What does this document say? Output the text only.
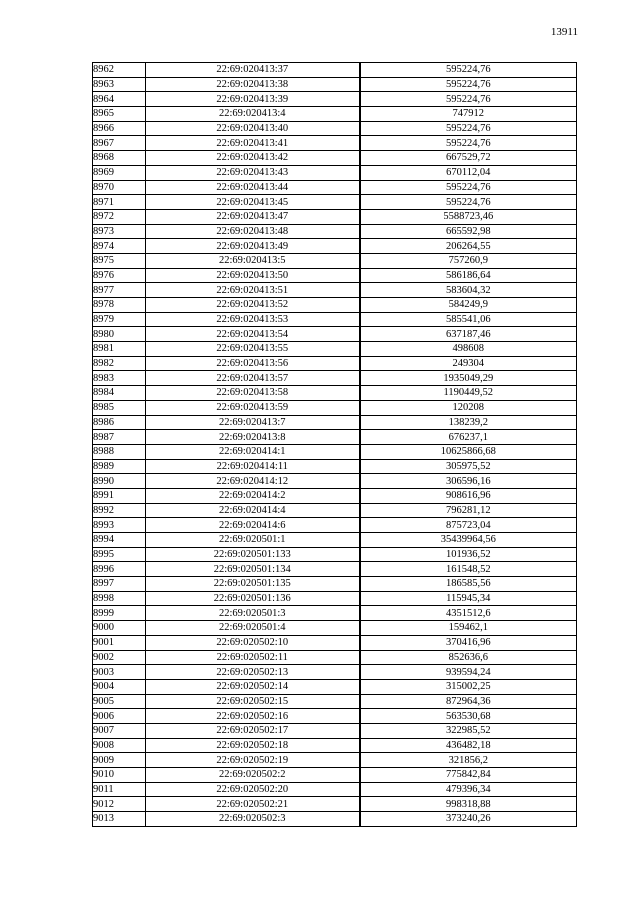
13911
8962	22:69:020413:37	595224,76
8963	22:69:020413:38	595224,76
8964	22:69:020413:39	595224,76
8965	22:69:020413:4	747912
8966	22:69:020413:40	595224,76
8967	22:69:020413:41	595224,76
8968	22:69:020413:42	667529,72
8969	22:69:020413:43	670112,04
8970	22:69:020413:44	595224,76
8971	22:69:020413:45	595224,76
8972	22:69:020413:47	5588723,46
8973	22:69:020413:48	665592,98
8974	22:69:020413:49	206264,55
8975	22:69:020413:5	757260,9
8976	22:69:020413:50	586186,64
8977	22:69:020413:51	583604,32
8978	22:69:020413:52	584249,9
8979	22:69:020413:53	585541,06
8980	22:69:020413:54	637187,46
8981	22:69:020413:55	498608
8982	22:69:020413:56	249304
8983	22:69:020413:57	1935049,29
8984	22:69:020413:58	1190449,52
8985	22:69:020413:59	120208
8986	22:69:020413:7	138239,2
8987	22:69:020413:8	676237,1
8988	22:69:020414:1	10625866,68
8989	22:69:020414:11	305975,52
8990	22:69:020414:12	306596,16
8991	22:69:020414:2	908616,96
8992	22:69:020414:4	796281,12
8993	22:69:020414:6	875723,04
8994	22:69:020501:1	35439964,56
8995	22:69:020501:133	101936,52
8996	22:69:020501:134	161548,52
8997	22:69:020501:135	186585,56
8998	22:69:020501:136	115945,34
8999	22:69:020501:3	4351512,6
9000	22:69:020501:4	159462,1
9001	22:69:020502:10	370416,96
9002	22:69:020502:11	852636,6
9003	22:69:020502:13	939594,24
9004	22:69:020502:14	315002,25
9005	22:69:020502:15	872964,36
9006	22:69:020502:16	563530,68
9007	22:69:020502:17	322985,52
9008	22:69:020502:18	436482,18
9009	22:69:020502:19	321856,2
9010	22:69:020502:2	775842,84
9011	22:69:020502:20	479396,34
9012	22:69:020502:21	998318,88
9013	22:69:020502:3	373240,26
